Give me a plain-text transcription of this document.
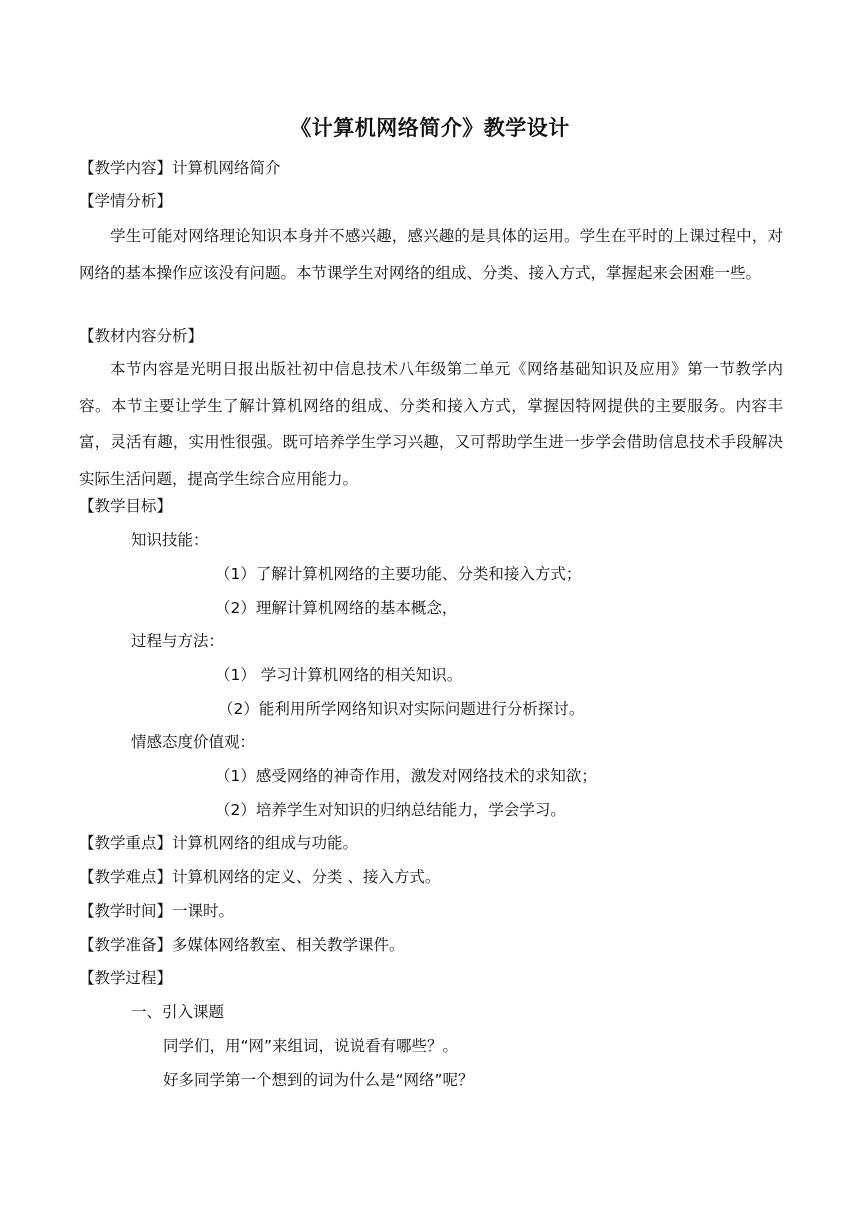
《计算机网络简介》教学设计
【教学内容】计算机网络简介
【学情分析】
学生可能对网络理论知识本身并不感兴趣，感兴趣的是具体的运用。学生在平时的上课过程中，对网络的基本操作应该没有问题。本节课学生对网络的组成、分类、接入方式，掌握起来会困难一些。
【教材内容分析】
本节内容是光明日报出版社初中信息技术八年级第二单元《网络基础知识及应用》第一节教学内容。本节主要让学生了解计算机网络的组成、分类和接入方式，掌握因特网提供的主要服务。内容丰富，灵活有趣，实用性很强。既可培养学生学习兴趣，又可帮助学生进一步学会借助信息技术手段解决实际生活问题，提高学生综合应用能力。
【教学目标】
知识技能：
（1）了解计算机网络的主要功能、分类和接入方式；
（2）理解计算机网络的基本概念，
过程与方法：
（1） 学习计算机网络的相关知识。
（2）能利用所学网络知识对实际问题进行分析探讨。
情感态度价值观：
（1）感受网络的神奇作用，激发对网络技术的求知欲；
（2）培养学生对知识的归纳总结能力，学会学习。
【教学重点】计算机网络的组成与功能。
【教学难点】计算机网络的定义、分类 、接入方式。
【教学时间】一课时。
【教学准备】多媒体网络教室、相关教学课件。
【教学过程】
一、引入课题
同学们，用“网”来组词，说说看有哪些？。
好多同学第一个想到的词为什么是“网络”呢？
